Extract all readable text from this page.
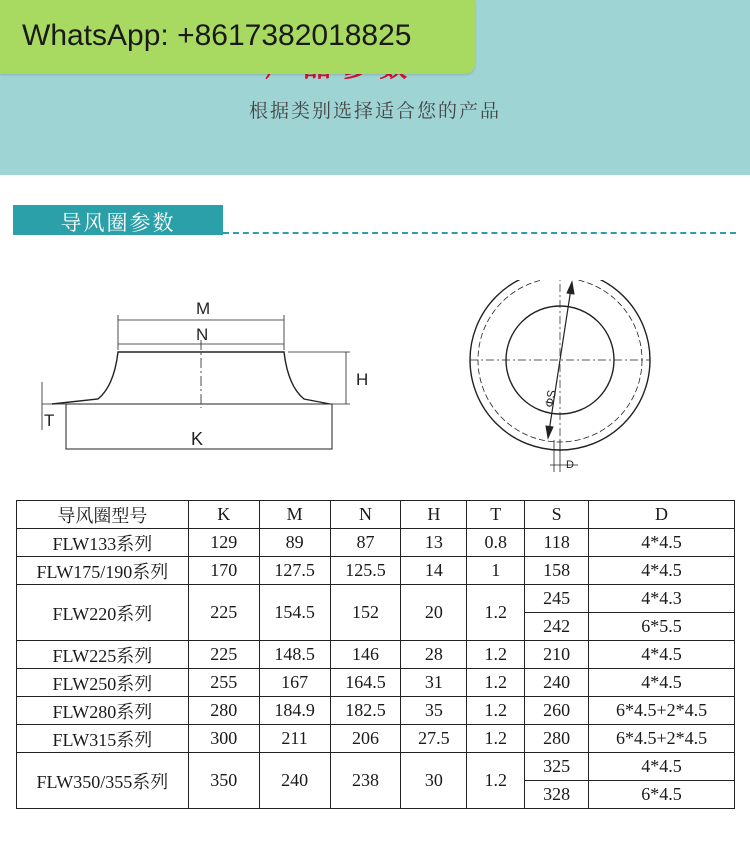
根据类别选择适合您的产品
WhatsApp: +8617382018825
导风圈参数
M
N
H
T
K
ΦS
D
导风圈型号	K	M	N	H	T	S	D
FLW133系列	129	89	87	13	0.8	118	4*4.5
FLW175/190系列	170	127.5	125.5	14	1	158	4*4.5
FLW220系列	225	154.5	152	20	1.2	245	4*4.3
						242	6*5.5
FLW225系列	225	148.5	146	28	1.2	210	4*4.5
FLW250系列	255	167	164.5	31	1.2	240	4*4.5
FLW280系列	280	184.9	182.5	35	1.2	260	6*4.5+2*4.5
FLW315系列	300	211	206	27.5	1.2	280	6*4.5+2*4.5
FLW350/355系列	350	240	238	30	1.2	325	4*4.5
						328	6*4.5
